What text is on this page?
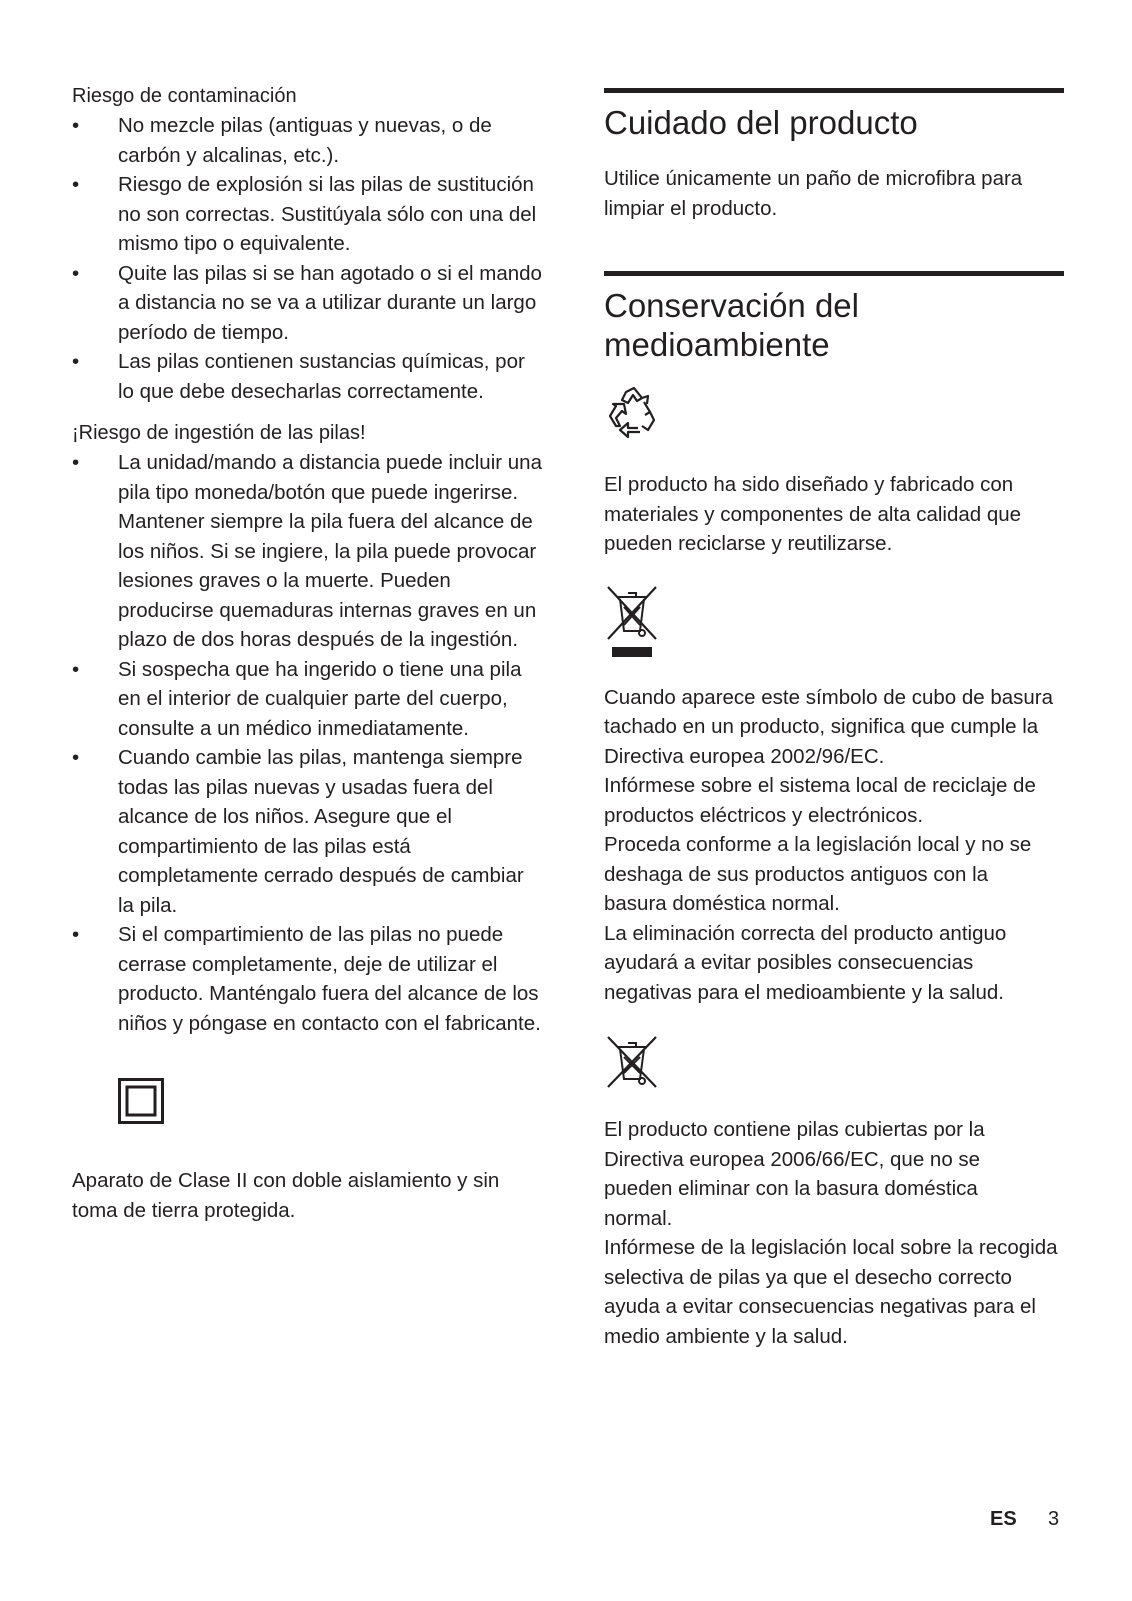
Riesgo de contaminación
• No mezcle pilas (antiguas y nuevas, o de carbón y alcalinas, etc.).
• Riesgo de explosión si las pilas de sustitución no son correctas. Sustitúyala sólo con una del mismo tipo o equivalente.
• Quite las pilas si se han agotado o si el mando a distancia no se va a utilizar durante un largo período de tiempo.
• Las pilas contienen sustancias químicas, por lo que debe desecharlas correctamente.
¡Riesgo de ingestión de las pilas!
• La unidad/mando a distancia puede incluir una pila tipo moneda/botón que puede ingerirse. Mantener siempre la pila fuera del alcance de los niños. Si se ingiere, la pila puede provocar lesiones graves o la muerte. Pueden producirse quemaduras internas graves en un plazo de dos horas después de la ingestión.
• Si sospecha que ha ingerido o tiene una pila en el interior de cualquier parte del cuerpo, consulte a un médico inmediatamente.
• Cuando cambie las pilas, mantenga siempre todas las pilas nuevas y usadas fuera del alcance de los niños. Asegure que el compartimiento de las pilas está completamente cerrado después de cambiar la pila.
• Si el compartimiento de las pilas no puede cerrase completamente, deje de utilizar el producto. Manténgalo fuera del alcance de los niños y póngase en contacto con el fabricante.

Aparato de Clase II con doble aislamiento y sin toma de tierra protegida.

Cuidado del producto

Utilice únicamente un paño de microfibra para limpiar el producto.

Conservación del
medioambiente

El producto ha sido diseñado y fabricado con materiales y componentes de alta calidad que pueden reciclarse y reutilizarse.

Cuando aparece este símbolo de cubo de basura tachado en un producto, significa que cumple la Directiva europea 2002/96/EC.

Infórmese sobre el sistema local de reciclaje de productos eléctricos y electrónicos.

Proceda conforme a la legislación local y no se deshaga de sus productos antiguos con la basura doméstica normal.

La eliminación correcta del producto antiguo ayudará a evitar posibles consecuencias negativas para el medioambiente y la salud.

El producto contiene pilas cubiertas por la Directiva europea 2006/66/EC, que no se pueden eliminar con la basura doméstica normal.

Infórmese de la legislación local sobre la recogida selectiva de pilas ya que el desecho correcto ayuda a evitar consecuencias negativas para el medio ambiente y la salud.

ES 3
